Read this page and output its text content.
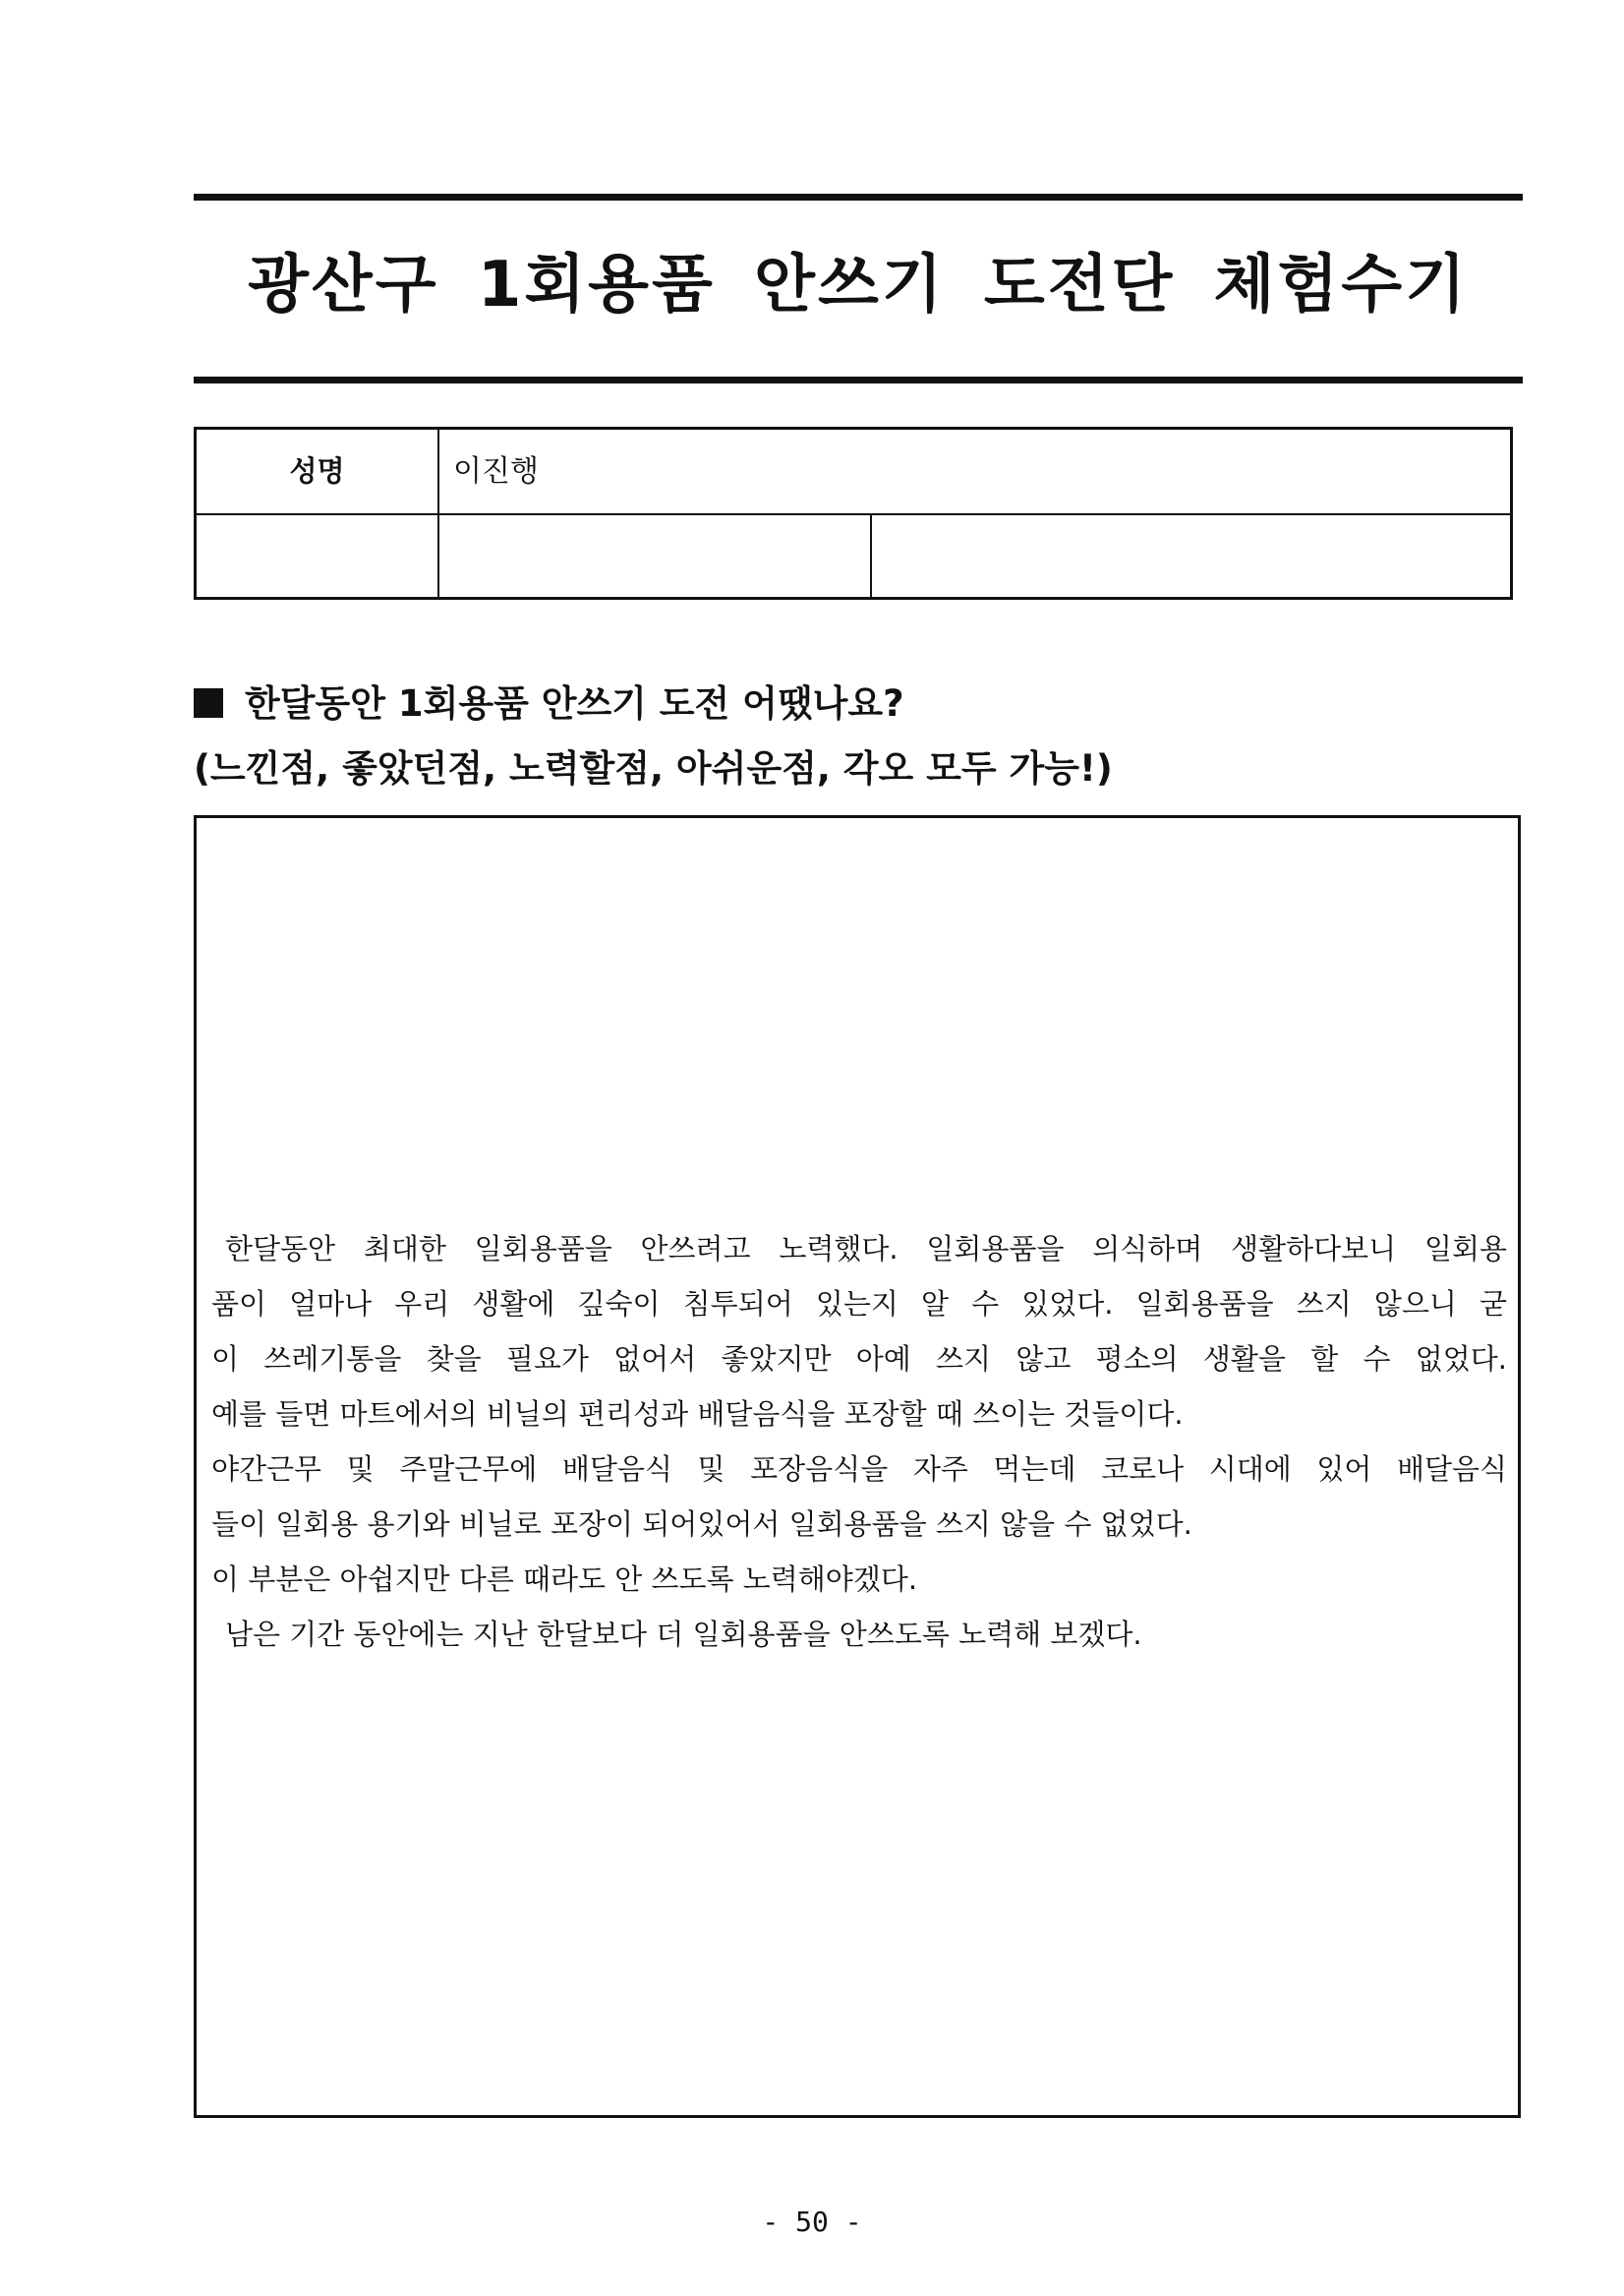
광산구 1회용품 안쓰기 도전단 체험수기
성명	이진행
한달동안 1회용품 안쓰기 도전 어땠나요?
(느낀점, 좋았던점, 노력할점, 아쉬운점, 각오 모두 가능!)

한달동안 최대한 일회용품을 안쓰려고 노력했다. 일회용품을 의식하며 생활하다보니 일회용

품이 얼마나 우리 생활에 깊숙이 침투되어 있는지 알 수 있었다. 일회용품을 쓰지 않으니 굳

이 쓰레기통을 찾을 필요가 없어서 좋았지만 아예 쓰지 않고 평소의 생활을 할 수 없었다.

예를 들면 마트에서의 비닐의 편리성과 배달음식을 포장할 때 쓰이는 것들이다.

야간근무 및 주말근무에 배달음식 및 포장음식을 자주 먹는데 코로나 시대에 있어 배달음식

들이 일회용 용기와 비닐로 포장이 되어있어서 일회용품을 쓰지 않을 수 없었다.

이 부분은 아쉽지만 다른 때라도 안 쓰도록 노력해야겠다.

남은 기간 동안에는 지난 한달보다 더 일회용품을 안쓰도록 노력해 보겠다.

- 50 -
